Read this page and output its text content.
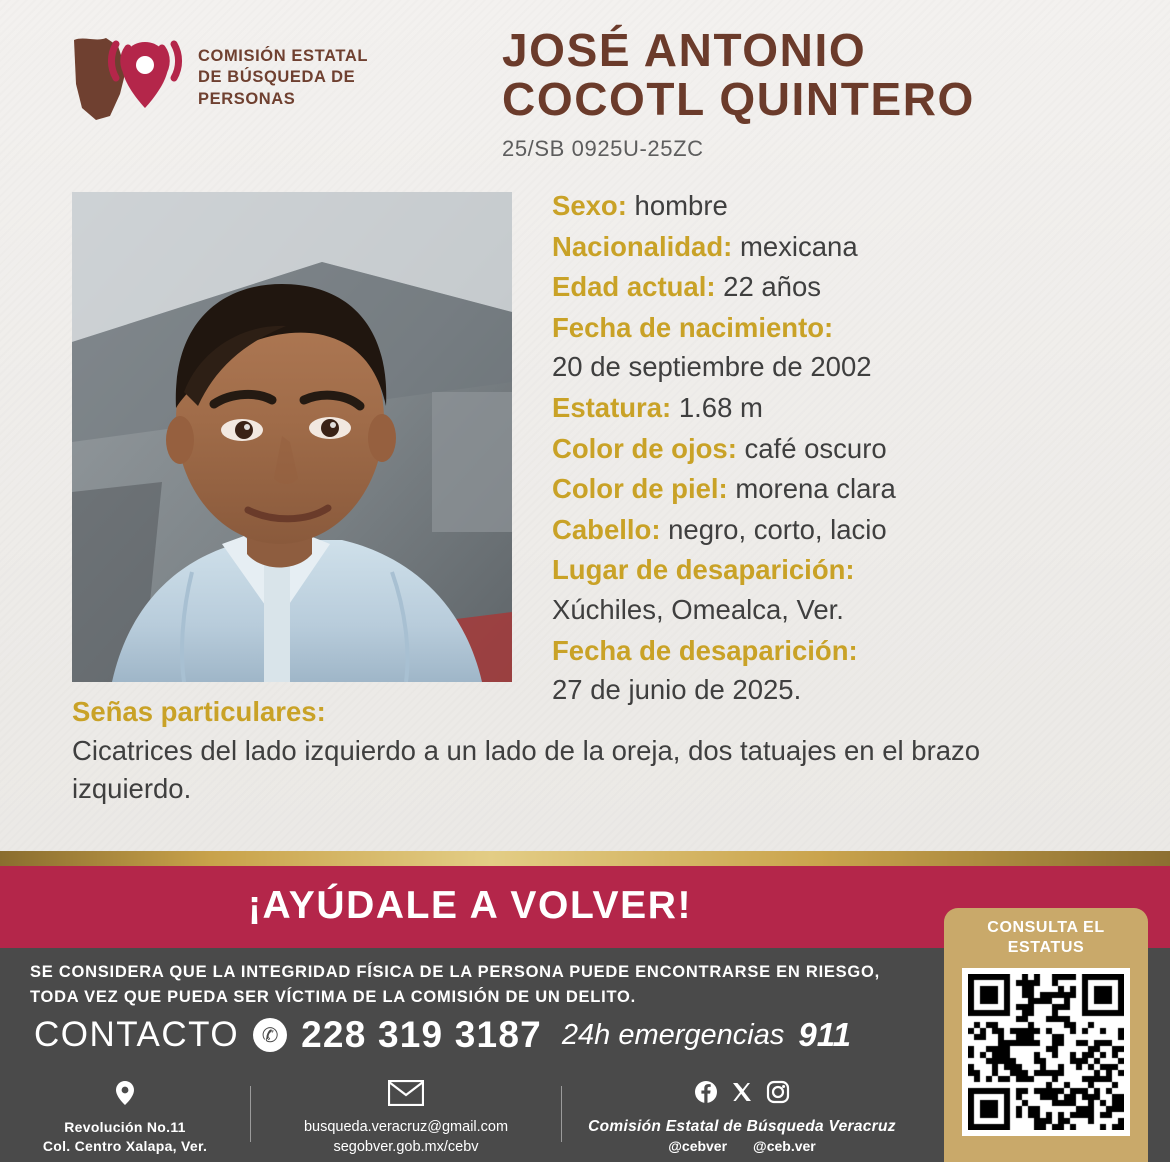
COMISIÓN ESTATAL
DE BÚSQUEDA DE
PERSONAS
JOSÉ ANTONIO
COCOTL QUINTERO
25/SB 0925U-25ZC
Sexo: hombre
Nacionalidad: mexicana
Edad actual: 22 años
Fecha de nacimiento:
20 de septiembre de 2002
Estatura: 1.68 m
Color de ojos: café oscuro
Color de piel: morena clara
Cabello: negro, corto, lacio
Lugar de desaparición:
Xúchiles, Omealca, Ver.
Fecha de desaparición:
27 de junio de 2025.
Señas particulares:
Cicatrices del lado izquierdo a un lado de la oreja, dos tatuajes en el brazo izquierdo.
¡AYÚDALE A VOLVER!
SE CONSIDERA QUE LA INTEGRIDAD FÍSICA DE LA PERSONA PUEDE ENCONTRARSE EN RIESGO, TODA VEZ QUE PUEDA SER VÍCTIMA DE LA COMISIÓN DE UN DELITO.
CONTACTO	✆ 228 319 3187 24h emergencias 911
Revolución No.11
Col. Centro Xalapa, Ver.
busqueda.veracruz@gmail.com
segobver.gob.mx/cebv
Comisión Estatal de Búsqueda Veracruz
@cebver @ceb.ver
CONSULTA EL
ESTATUS
